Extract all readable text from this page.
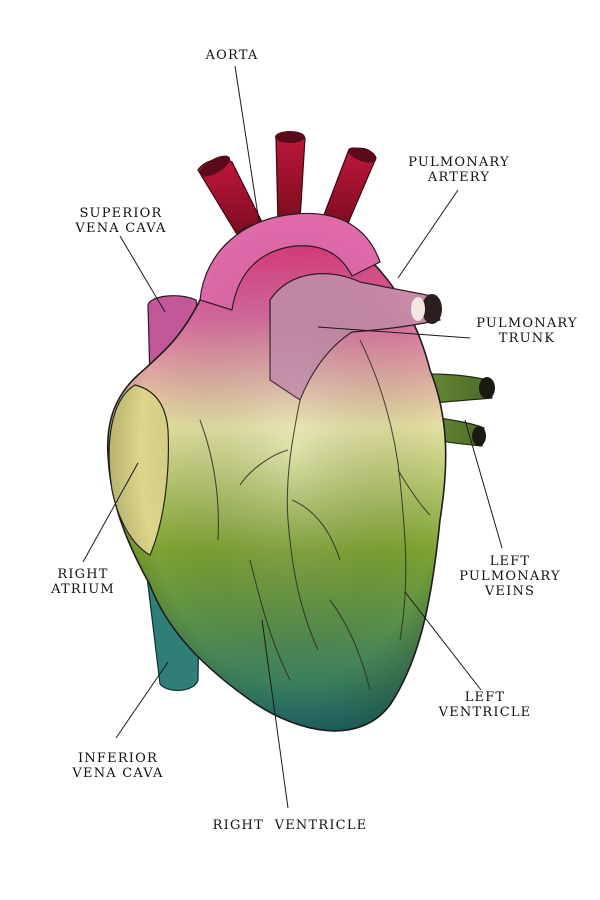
AORTA
PULMONARY
ARTERY
SUPERIOR
VENA CAVA
PULMONARY
TRUNK
RIGHT
ATRIUM
LEFT
PULMONARY
VEINS
LEFT
VENTRICLE
INFERIOR
VENA CAVA
RIGHT  VENTRICLE
